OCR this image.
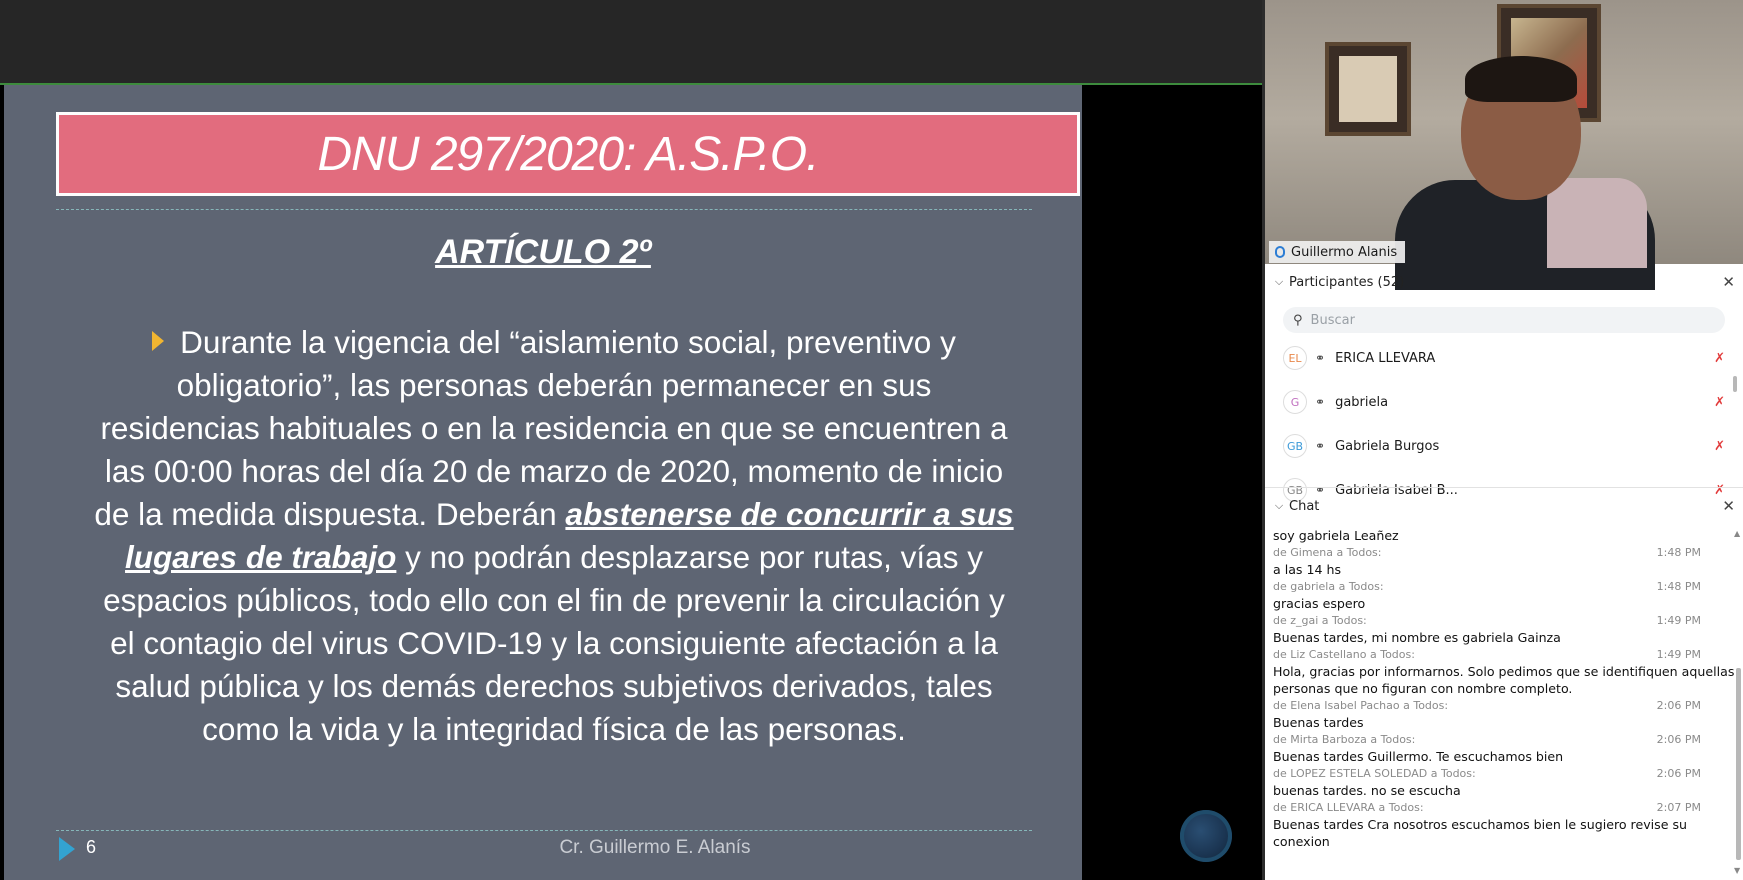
DNU 297/2020: A.S.P.O.
ARTÍCULO 2º
Durante la vigencia del “aislamiento social, preventivo y obligatorio”, las personas deberán permanecer en sus residencias habituales o en la residencia en que se encuentren a las 00:00 horas del día 20 de marzo de 2020, momento de inicio de la medida dispuesta. Deberán abstenerse de concurrir a sus lugares de trabajo y no podrán desplazarse por rutas, vías y espacios públicos, todo ello con el fin de prevenir la circulación y el contagio del virus COVID-19 y la consiguiente afectación a la salud pública y los demás derechos subjetivos derivados, tales como la vida y la integridad física de las personas.
6	Cr. Guillermo E. Alanís
Guillermo Alanis
⌵ Participantes (52)	✕
⚲ Buscar
EL	⚭ ERICA LLEVARA	✗
G	⚭ gabriela	✗
GB ⚭ Gabriela Burgos	✗
GB ⚭ Gabriela Isabel B...	✗
⌵ Chat	✕
soy gabriela Leañez
de Gimena a Todos:	1:48 PM
a las 14 hs
de gabriela a Todos:	1:48 PM
gracias espero
de z_gai a Todos:	1:49 PM
Buenas tardes, mi nombre es gabriela Gainza
de Liz Castellano a Todos:	1:49 PM
Hola, gracias por informarnos. Solo pedimos que se identifiquen aquellas personas que no figuran con nombre completo.
de Elena Isabel Pachao a Todos:	2:06 PM
Buenas tardes
de Mirta Barboza a Todos:	2:06 PM
Buenas tardes Guillermo. Te escuchamos bien
de LOPEZ ESTELA SOLEDAD a Todos:	2:06 PM
buenas tardes. no se escucha
de ERICA LLEVARA a Todos:	2:07 PM
Buenas tardes Cra nosotros escuchamos bien le sugiero revise su conexion
▲
▼
